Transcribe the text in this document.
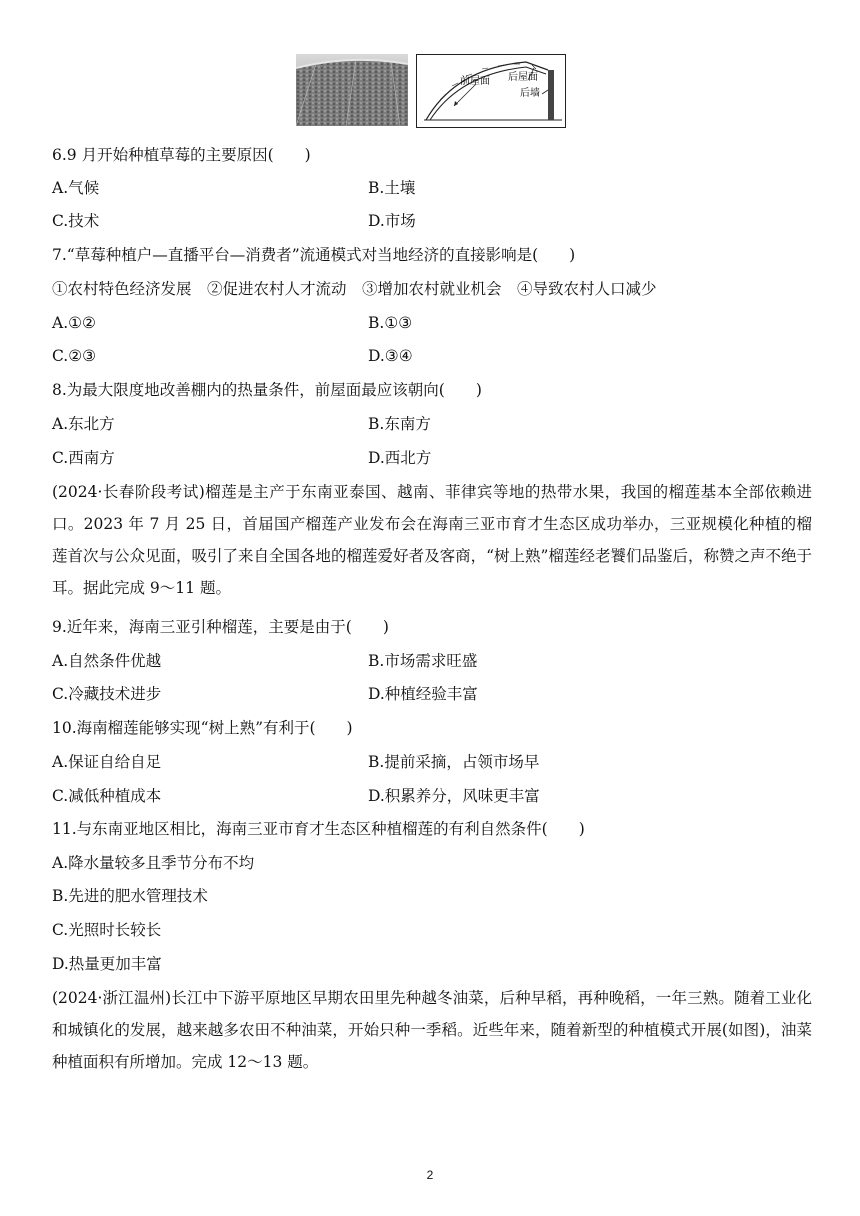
前屋面 后屋面
后墙
6.9 月开始种植草莓的主要原因(　　)
A.气候	B.土壤
C.技术	D.市场
7.“草莓种植户—直播平台—消费者”流通模式对当地经济的直接影响是(　　)
①农村特色经济发展　②促进农村人才流动　③增加农村就业机会　④导致农村人口减少
A.①②	B.①③
C.②③	D.③④
8.为最大限度地改善棚内的热量条件，前屋面最应该朝向(　　)
A.东北方	B.东南方
C.西南方	D.西北方
(2024·长春阶段考试)榴莲是主产于东南亚泰国、越南、菲律宾等地的热带水果，我国的榴莲基本全部依赖进口。2023 年 7 月 25 日，首届国产榴莲产业发布会在海南三亚市育才生态区成功举办，三亚规模化种植的榴莲首次与公众见面，吸引了来自全国各地的榴莲爱好者及客商，“树上熟”榴莲经老饕们品鉴后，称赞之声不绝于耳。据此完成 9～11 题。
9.近年来，海南三亚引种榴莲，主要是由于(　　)
A.自然条件优越	B.市场需求旺盛
C.冷藏技术进步	D.种植经验丰富
10.海南榴莲能够实现“树上熟”有利于(　　)
A.保证自给自足	B.提前采摘，占领市场早
C.减低种植成本	D.积累养分，风味更丰富
11.与东南亚地区相比，海南三亚市育才生态区种植榴莲的有利自然条件(　　)
A.降水量较多且季节分布不均
B.先进的肥水管理技术
C.光照时长较长
D.热量更加丰富
(2024·浙江温州)长江中下游平原地区早期农田里先种越冬油菜，后种早稻，再种晚稻，一年三熟。随着工业化和城镇化的发展，越来越多农田不种油菜，开始只种一季稻。近些年来，随着新型的种植模式开展(如图)，油菜种植面积有所增加。完成 12～13 题。
2
